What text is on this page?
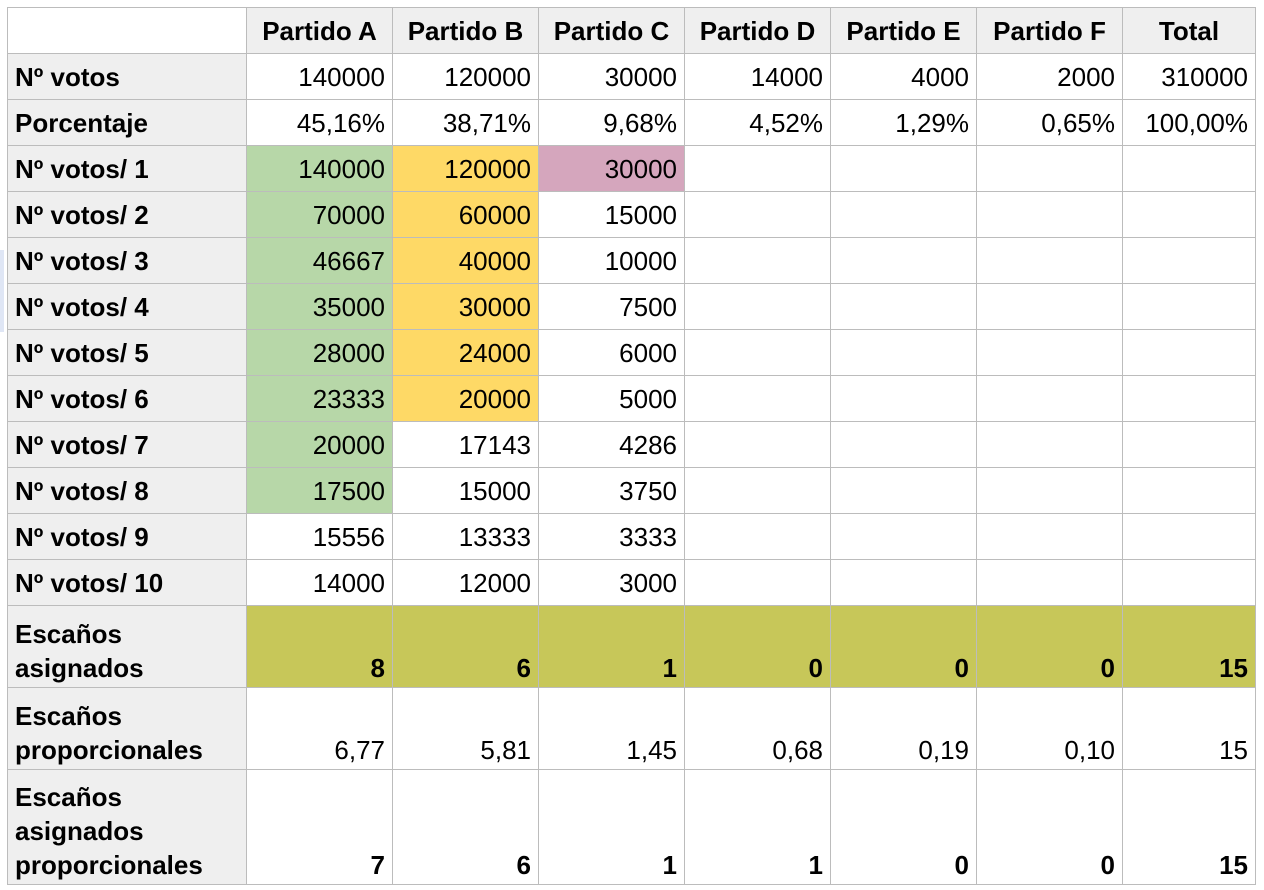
	Partido A	Partido B	Partido C	Partido D	Partido E	Partido F	Total
Nº votos	140000	120000	30000	14000	4000	2000	310000
Porcentaje	45,16%	38,71%	9,68%	4,52%	1,29%	0,65%	100,00%
Nº votos/ 1	140000	120000	30000				
Nº votos/ 2	70000	60000	15000				
Nº votos/ 3	46667	40000	10000				
Nº votos/ 4	35000	30000	7500				
Nº votos/ 5	28000	24000	6000				
Nº votos/ 6	23333	20000	5000				
Nº votos/ 7	20000	17143	4286				
Nº votos/ 8	17500	15000	3750				
Nº votos/ 9	15556	13333	3333				
Nº votos/ 10	14000	12000	3000				
Escaños asignados	8	6	1	0	0	0	15
Escaños proporcionales	6,77	5,81	1,45	0,68	0,19	0,10	15
Escaños asignados proporcionales	7	6	1	1	0	0	15
